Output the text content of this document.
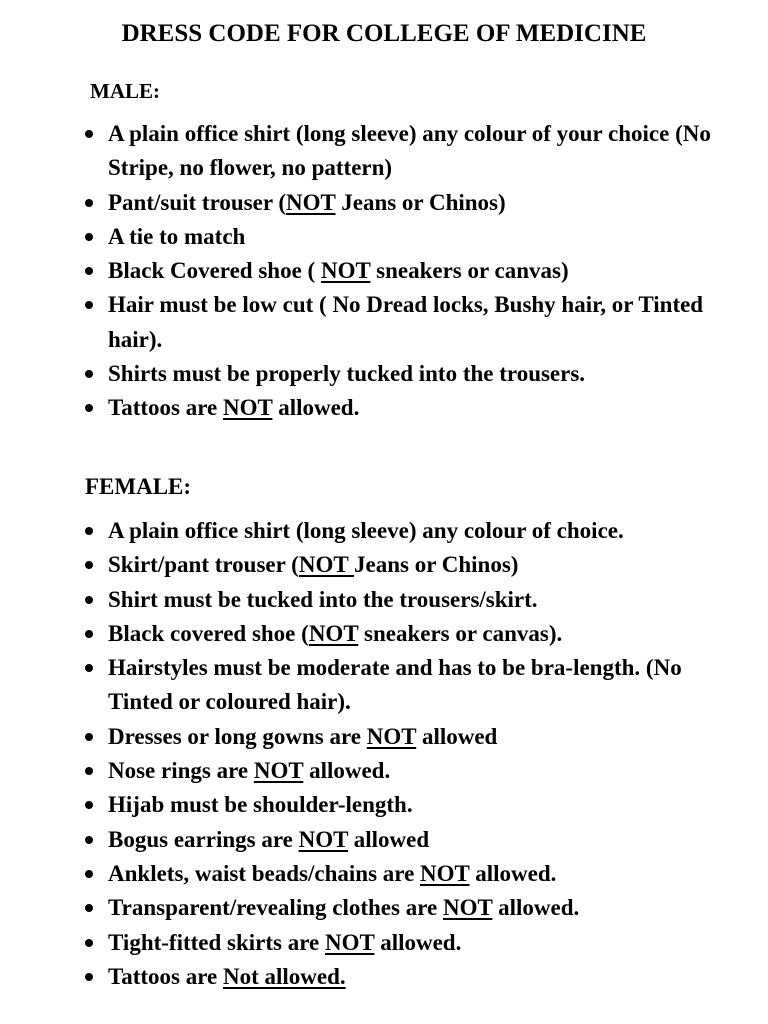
DRESS CODE FOR COLLEGE OF MEDICINE
MALE:
A plain office shirt (long sleeve) any colour of your choice (No Stripe, no flower, no pattern)
Pant/suit trouser (NOT Jeans or Chinos)
A tie to match
Black Covered shoe ( NOT sneakers or canvas)
Hair must be low cut ( No Dread locks, Bushy hair, or Tinted hair).
Shirts must be properly tucked into the trousers.
Tattoos are NOT allowed.
FEMALE:
A plain office shirt (long sleeve) any colour of choice.
Skirt/pant trouser (NOT Jeans or Chinos)
Shirt must be tucked into the trousers/skirt.
Black covered shoe (NOT sneakers or canvas).
Hairstyles must be moderate and has to be bra-length. (No Tinted or coloured hair).
Dresses or long gowns are NOT allowed
Nose rings are NOT allowed.
Hijab must be shoulder-length.
Bogus earrings are NOT allowed
Anklets, waist beads/chains are NOT allowed.
Transparent/revealing clothes are NOT allowed.
Tight-fitted skirts are NOT allowed.
Tattoos are Not allowed.
